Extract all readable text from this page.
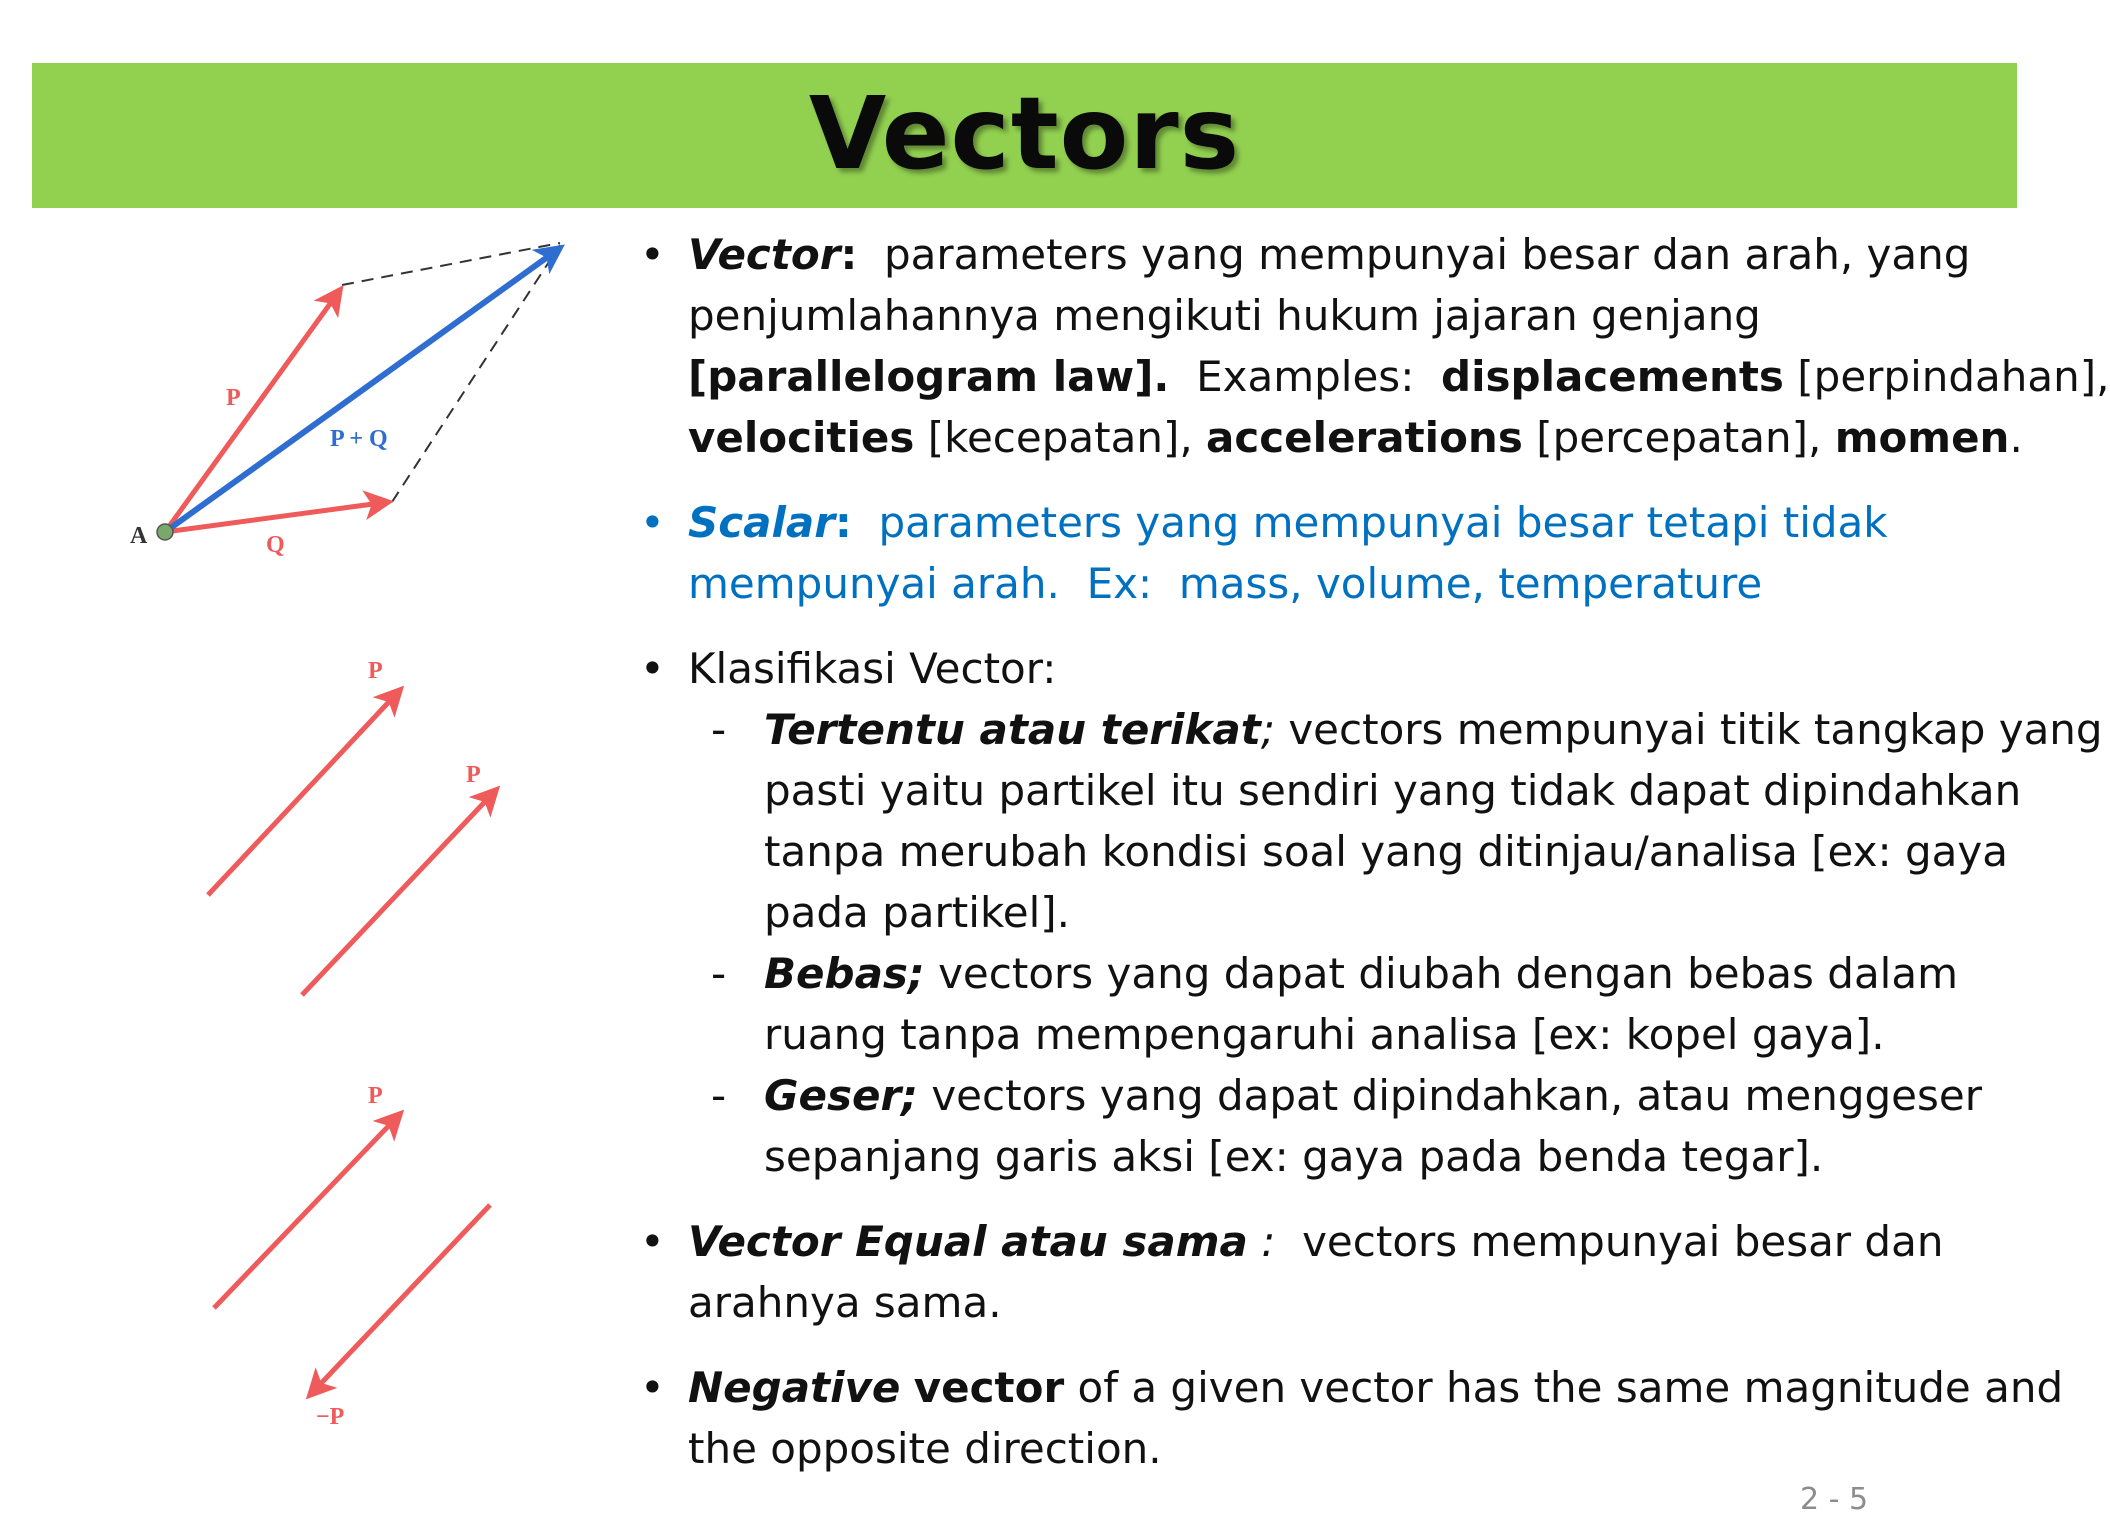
Vectors
A
P
Q
P + Q
P
P
P
−P
• Vector: parameters yang mempunyai besar dan arah, yang
penjumlahannya mengikuti hukum jajaran genjang
[parallelogram law]. Examples: displacements [perpindahan],
velocities [kecepatan], accelerations [percepatan], momen.
• Scalar: parameters yang mempunyai besar tetapi tidak
mempunyai arah.  Ex:  mass, volume, temperature
• Klasifikasi Vector:
- Tertentu atau terikat; vectors mempunyai titik tangkap yang
pasti yaitu partikel itu sendiri yang tidak dapat dipindahkan
tanpa merubah kondisi soal yang ditinjau/analisa [ex: gaya
pada partikel].
- Bebas; vectors yang dapat diubah dengan bebas dalam
ruang tanpa mempengaruhi analisa [ex: kopel gaya].
- Geser; vectors yang dapat dipindahkan, atau menggeser
sepanjang garis aksi [ex: gaya pada benda tegar].
• Vector Equal atau sama : vectors mempunyai besar dan
arahnya sama.
• Negative vector of a given vector has the same magnitude and
the opposite direction.
2 - 5
